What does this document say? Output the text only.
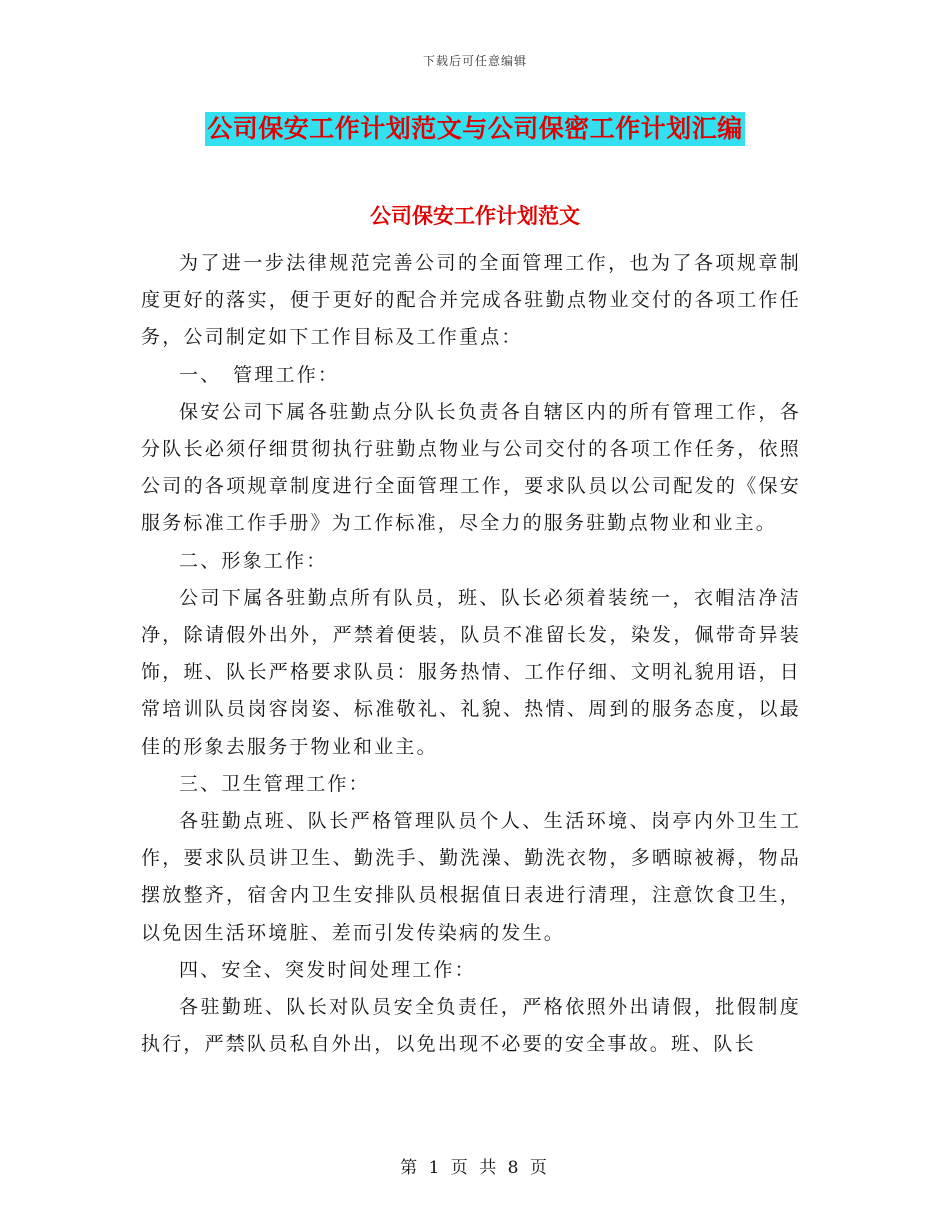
下载后可任意编辑
公司保安工作计划范文与公司保密工作计划汇编
公司保安工作计划范文

为了进一步法律规范完善公司的全面管理工作，也为了各项规章制度更好的落实，便于更好的配合并完成各驻勤点物业交付的各项工作任务，公司制定如下工作目标及工作重点：

一、　管理工作：

保安公司下属各驻勤点分队长负责各自辖区内的所有管理工作，各分队长必须仔细贯彻执行驻勤点物业与公司交付的各项工作任务，依照公司的各项规章制度进行全面管理工作，要求队员以公司配发的《保安服务标准工作手册》为工作标准，尽全力的服务驻勤点物业和业主。

二、形象工作：

公司下属各驻勤点所有队员，班、队长必须着装统一，衣帽洁净洁净，除请假外出外，严禁着便装，队员不准留长发，染发，佩带奇异装饰，班、队长严格要求队员：服务热情、工作仔细、文明礼貌用语，日常培训队员岗容岗姿、标准敬礼、礼貌、热情、周到的服务态度，以最佳的形象去服务于物业和业主。

三、卫生管理工作：

各驻勤点班、队长严格管理队员个人、生活环境、岗亭内外卫生工作，要求队员讲卫生、勤洗手、勤洗澡、勤洗衣物，多晒晾被褥，物品摆放整齐，宿舍内卫生安排队员根据值日表进行清理，注意饮食卫生，以免因生活环境脏、差而引发传染病的发生。

四、安全、突发时间处理工作：

各驻勤班、队长对队员安全负责任，严格依照外出请假，批假制度执行，严禁队员私自外出，以免出现不必要的安全事故。班、队长

第 1 页 共 8 页
